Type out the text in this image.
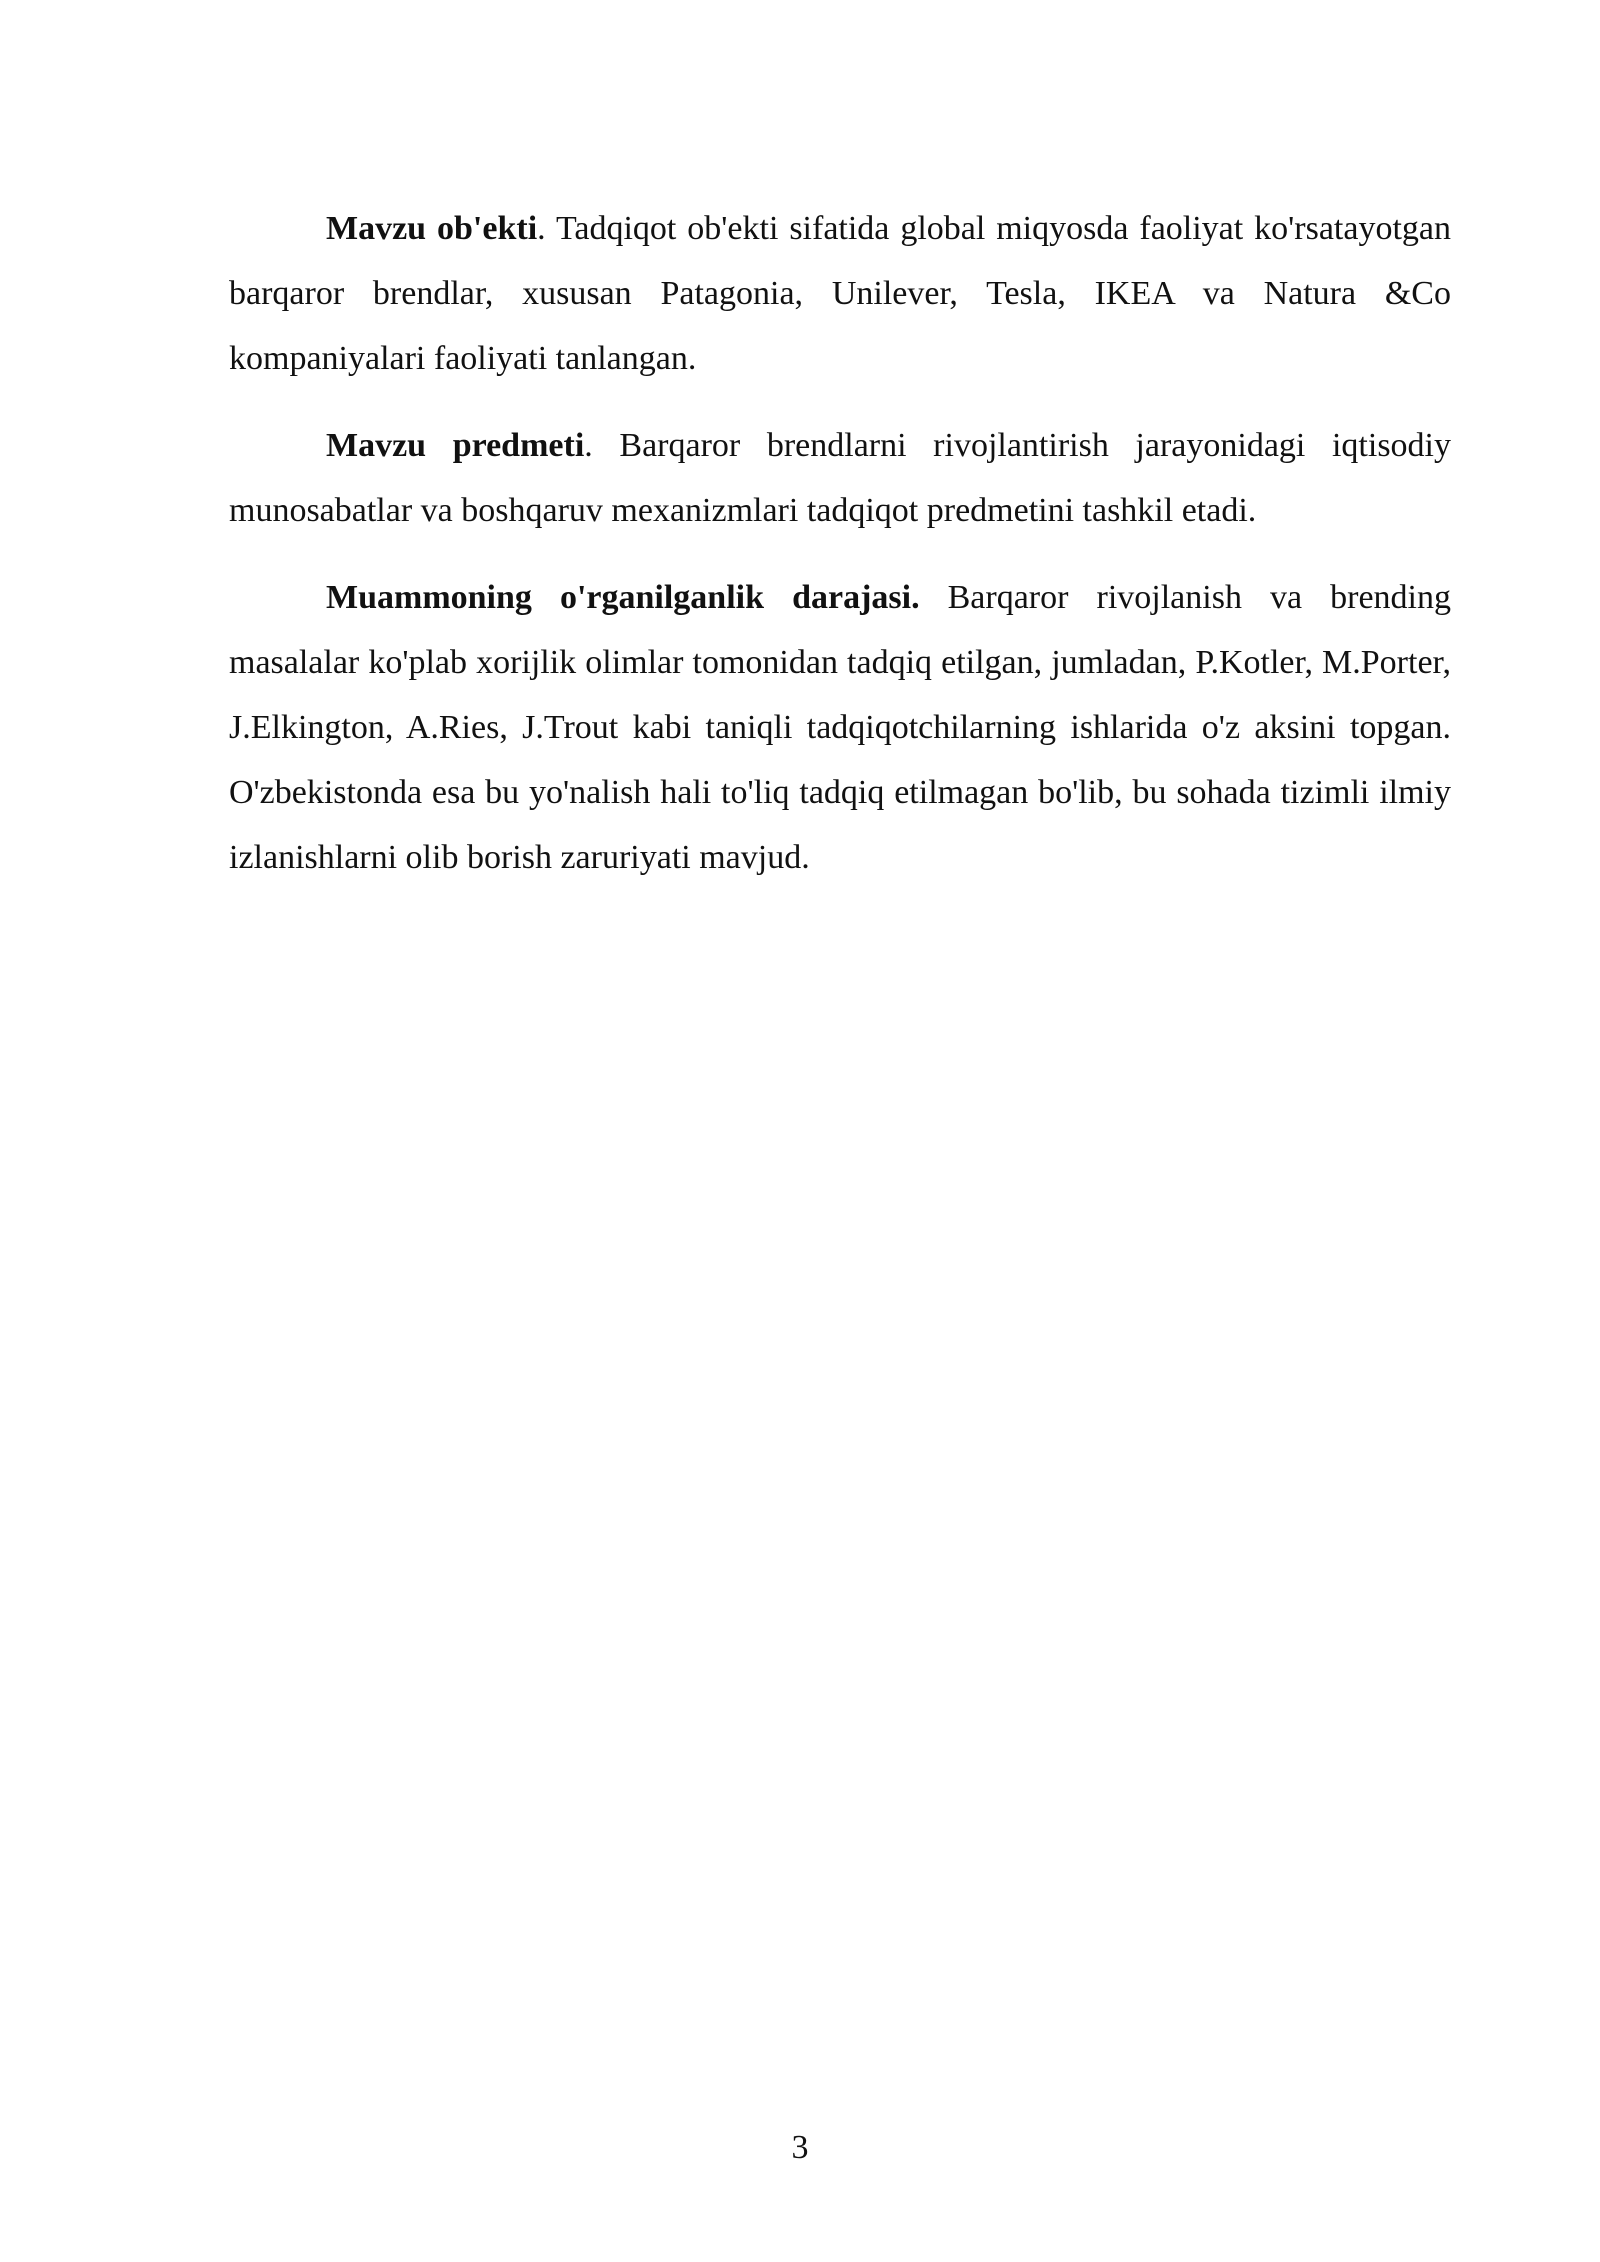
Mavzu ob'ekti. Tadqiqot ob'ekti sifatida global miqyosda faoliyat ko'rsatayotgan barqaror brendlar, xususan Patagonia, Unilever, Tesla, IKEA va Natura &Co kompaniyalari faoliyati tanlangan.

Mavzu predmeti. Barqaror brendlarni rivojlantirish jarayonidagi iqtisodiy munosabatlar va boshqaruv mexanizmlari tadqiqot predmetini tashkil etadi.

Muammoning o'rganilganlik darajasi. Barqaror rivojlanish va brending masalalar ko'plab xorijlik olimlar tomonidan tadqiq etilgan, jumladan, P.Kotler, M.Porter, J.Elkington, A.Ries, J.Trout kabi taniqli tadqiqotchilarning ishlarida o'z aksini topgan. O'zbekistonda esa bu yo'nalish hali to'liq tadqiq etilmagan bo'lib, bu sohada tizimli ilmiy izlanishlarni olib borish zaruriyati mavjud.

3
